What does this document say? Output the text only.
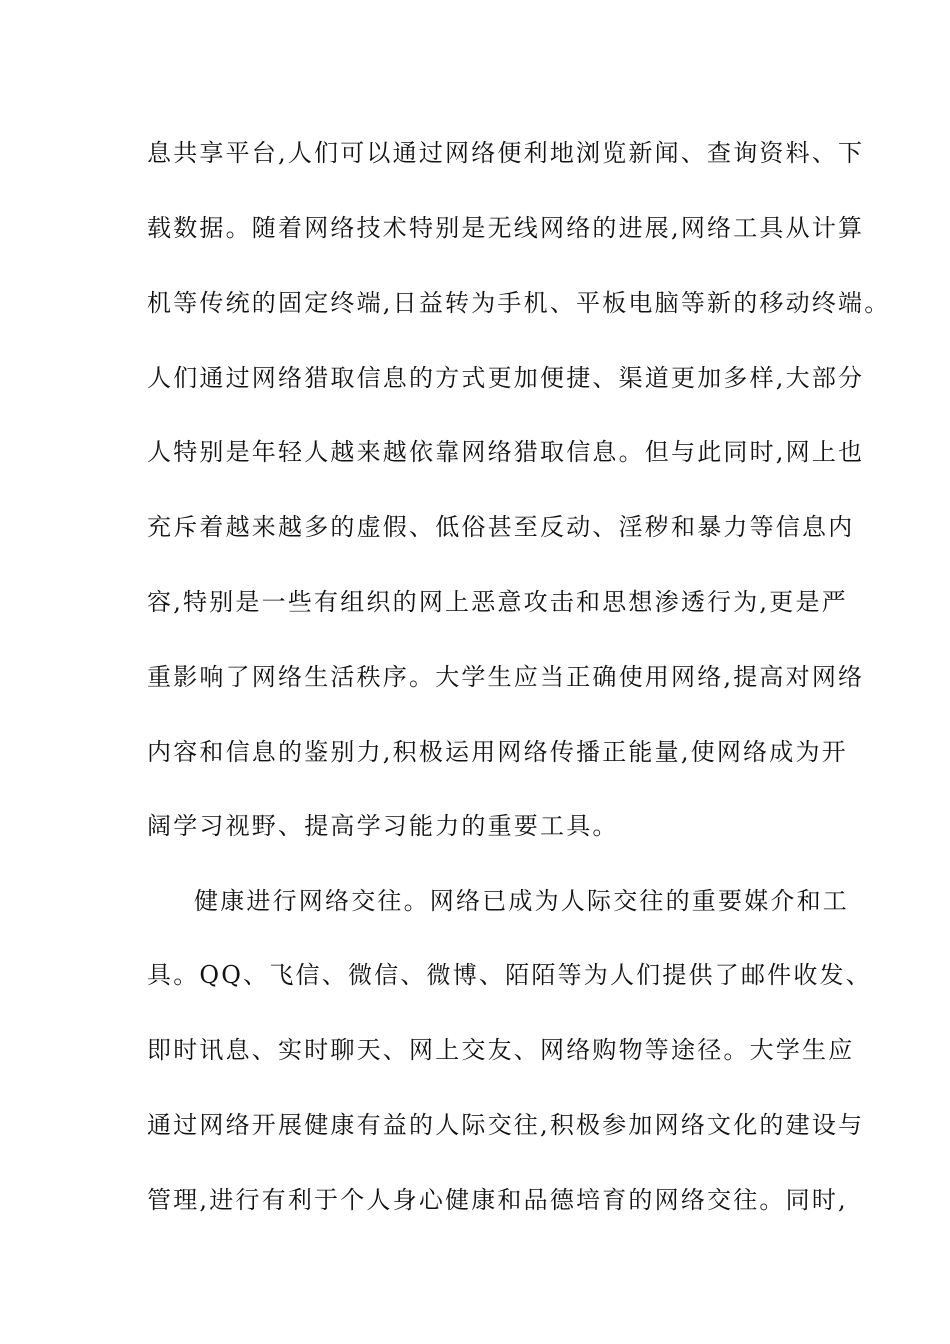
息共享平台,人们可以通过网络便利地浏览新闻、查询资料、下

载数据。随着网络技术特别是无线网络的进展,网络工具从计算

机等传统的固定终端,日益转为手机、平板电脑等新的移动终端。

人们通过网络猎取信息的方式更加便捷、渠道更加多样,大部分

人特别是年轻人越来越依靠网络猎取信息。但与此同时,网上也

充斥着越来越多的虚假、低俗甚至反动、淫秽和暴力等信息内

容,特别是一些有组织的网上恶意攻击和思想渗透行为,更是严

重影响了网络生活秩序。大学生应当正确使用网络,提高对网络

内容和信息的鉴别力,积极运用网络传播正能量,使网络成为开

阔学习视野、提高学习能力的重要工具。

健康进行网络交往。网络已成为人际交往的重要媒介和工

具。QQ、飞信、微信、微博、陌陌等为人们提供了邮件收发、

即时讯息、实时聊天、网上交友、网络购物等途径。大学生应

通过网络开展健康有益的人际交往,积极参加网络文化的建设与

管理,进行有利于个人身心健康和品德培育的网络交往。同时,
